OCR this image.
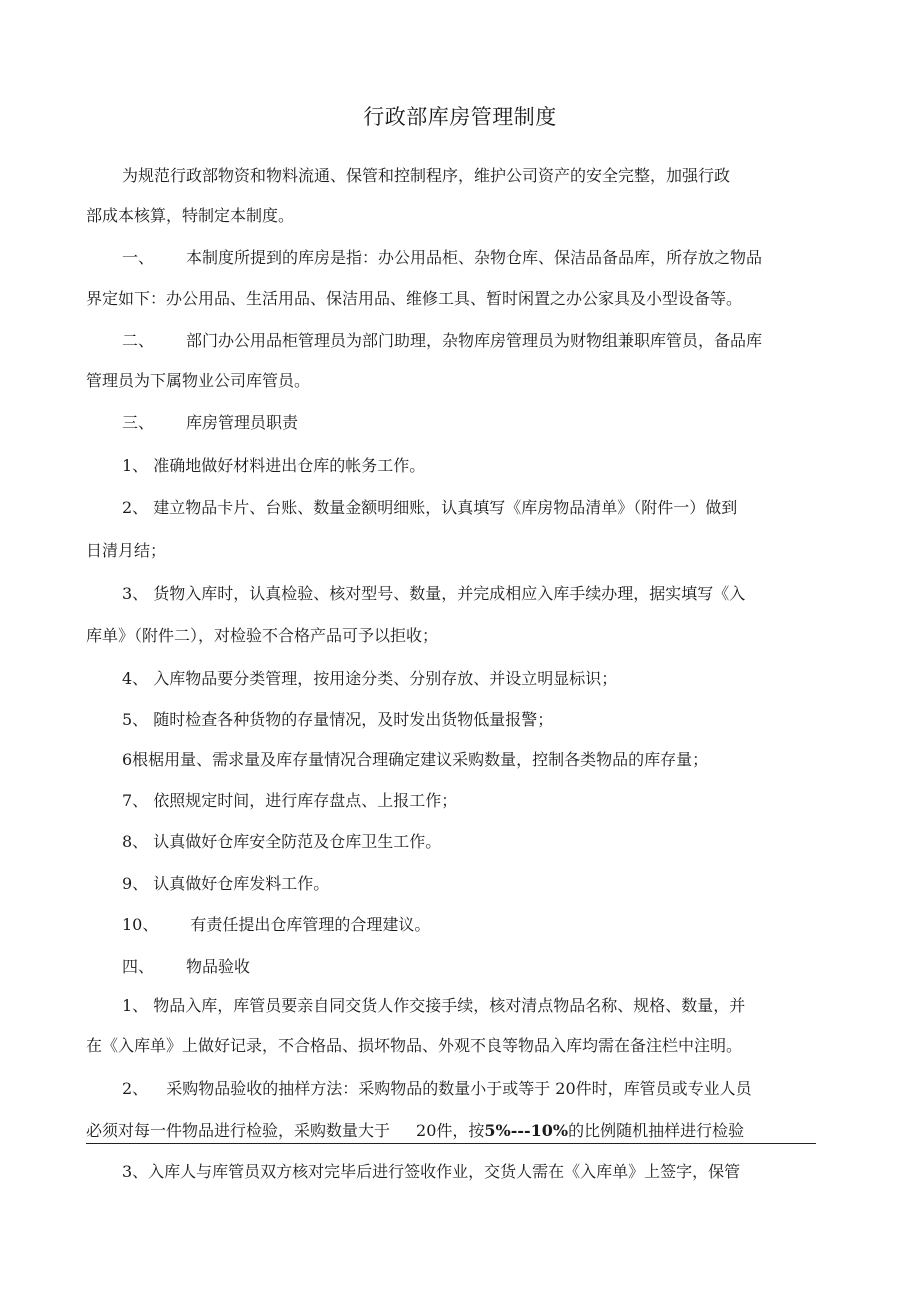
行政部库房管理制度
为规范行政部物资和物料流通、保管和控制程序，维护公司资产的安全完整，加强行政
部成本核算，特制定本制度。
一、 本制度所提到的库房是指：办公用品柜、杂物仓库、保洁品备品库，所存放之物品
界定如下：办公用品、生活用品、保洁用品、维修工具、暂时闲置之办公家具及小型设备等。
二、 部门办公用品柜管理员为部门助理，杂物库房管理员为财物组兼职库管员，备品库
管理员为下属物业公司库管员。
三、 库房管理员职责
1、 准确地做好材料进出仓库的帐务工作。
2、 建立物品卡片、台账、数量金额明细账，认真填写《库房物品清单》（附件一）做到
日清月结；
3、 货物入库时，认真检验、核对型号、数量，并完成相应入库手续办理，据实填写《入
库单》（附件二），对检验不合格产品可予以拒收；
4、 入库物品要分类管理，按用途分类、分别存放、并设立明显标识；
5、 随时检查各种货物的存量情况，及时发出货物低量报警；
6根椐用量、需求量及库存量情况合理确定建议采购数量，控制各类物品的库存量；
7、 依照规定时间，进行库存盘点、上报工作；
8、 认真做好仓库安全防范及仓库卫生工作。
9、 认真做好仓库发料工作。
10、 有责任提出仓库管理的合理建议。
四、 物品验收
1、 物品入库，库管员要亲自同交货人作交接手续，核对清点物品名称、规格、数量，并
在《入库单》上做好记录，不合格品、损坏物品、外观不良等物品入库均需在备注栏中注明。
2、 采购物品验收的抽样方法：采购物品的数量小于或等于 20件时，库管员或专业人员
必须对每一件物品进行检验，采购数量大于 20件，按5%---10%的比例随机抽样进行检验
3、入库人与库管员双方核对完毕后进行签收作业，交货人需在《入库单》上签字，保管
